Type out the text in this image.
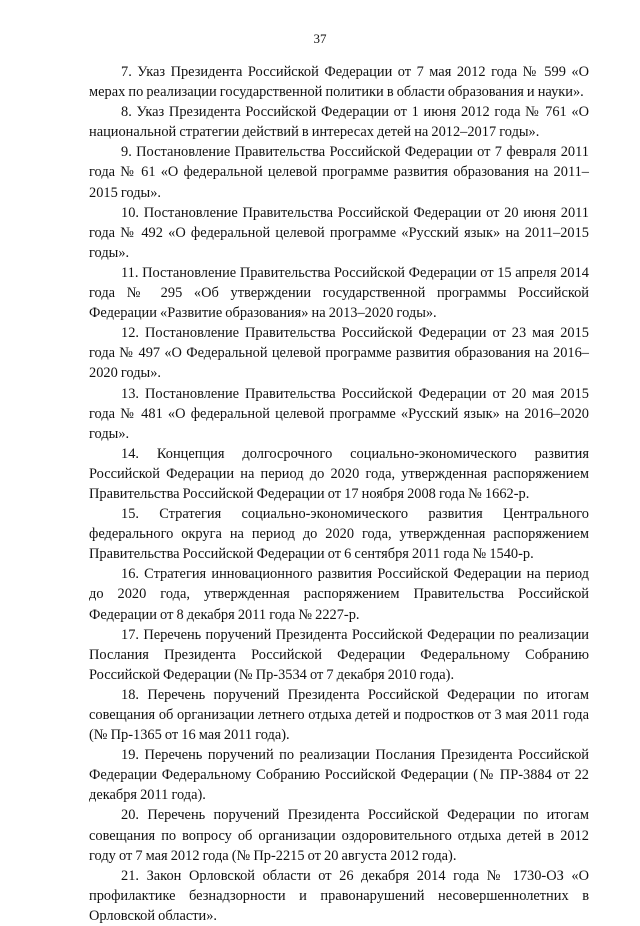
37

7. Указ Президента Российской Федерации от 7 мая 2012 года № 599 «О мерах по реализации государственной политики в области образования и науки».

8. Указ Президента Российской Федерации от 1 июня 2012 года № 761 «О национальной стратегии действий в интересах детей на 2012–2017 годы».

9. Постановление Правительства Российской Федерации от 7 февраля 2011 года № 61 «О федеральной целевой программе развития образования на 2011–2015 годы».

10. Постановление Правительства Российской Федерации от 20 июня 2011 года № 492 «О федеральной целевой программе «Русский язык» на 2011–2015 годы».

11. Постановление Правительства Российской Федерации от 15 апреля 2014 года № 295 «Об утверждении государственной программы Российской Федерации «Развитие образования» на 2013–2020 годы».

12. Постановление Правительства Российской Федерации от 23 мая 2015 года № 497 «О Федеральной целевой программе развития образования на 2016–2020 годы».

13. Постановление Правительства Российской Федерации от 20 мая 2015 года № 481 «О федеральной целевой программе «Русский язык» на 2016–2020 годы».

14. Концепция долгосрочного социально-экономического развития Российской Федерации на период до 2020 года, утвержденная распоряжением Правительства Российской Федерации от 17 ноября 2008 года № 1662-р.

15. Стратегия социально-экономического развития Центрального федерального округа на период до 2020 года, утвержденная распоряжением Правительства Российской Федерации от 6 сентября 2011 года № 1540-р.

16. Стратегия инновационного развития Российской Федерации на период до 2020 года, утвержденная распоряжением Правительства Российской Федерации от 8 декабря 2011 года № 2227-р.

17. Перечень поручений Президента Российской Федерации по реализации Послания Президента Российской Федерации Федеральному Собранию Российской Федерации (№ Пр-3534 от 7 декабря 2010 года).

18. Перечень поручений Президента Российской Федерации по итогам совещания об организации летнего отдыха детей и подростков от 3 мая 2011 года (№ Пр-1365 от 16 мая 2011 года).

19. Перечень поручений по реализации Послания Президента Российской Федерации Федеральному Собранию Российской Федерации (№ ПР-3884 от 22 декабря 2011 года).

20. Перечень поручений Президента Российской Федерации по итогам совещания по вопросу об организации оздоровительного отдыха детей в 2012 году от 7 мая 2012 года (№ Пр-2215 от 20 августа 2012 года).

21. Закон Орловской области от 26 декабря 2014 года № 1730-ОЗ «О профилактике безнадзорности и правонарушений несовершеннолетних в Орловской области».
